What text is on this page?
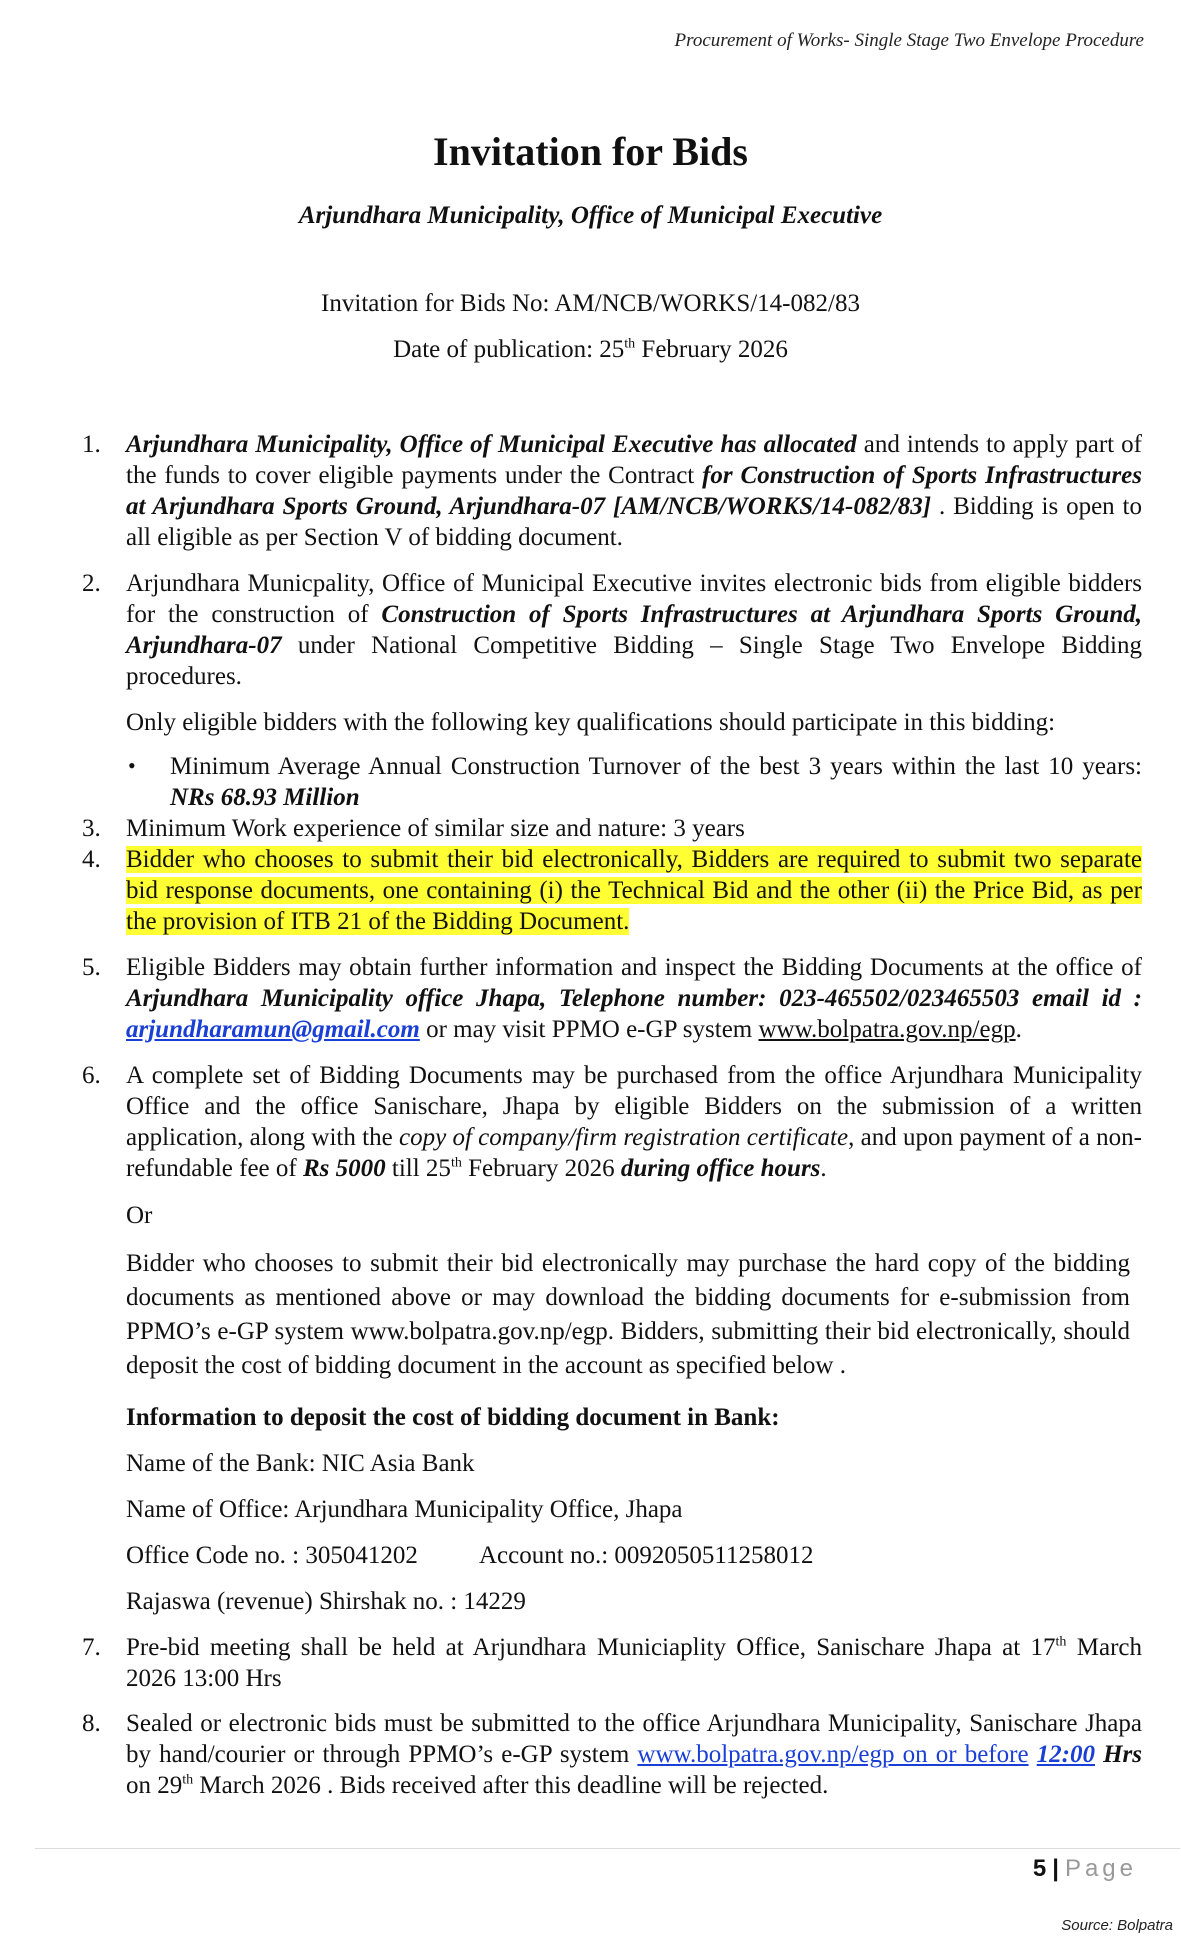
Procurement of Works- Single Stage Two Envelope Procedure
Invitation for Bids
Arjundhara Municipality, Office of Municipal Executive
Invitation for Bids No: AM/NCB/WORKS/14-082/83
Date of publication: 25th February 2026
1. Arjundhara Municipality, Office of Municipal Executive has allocated and intends to apply part of the funds to cover eligible payments under the Contract for Construction of Sports Infrastructures at Arjundhara Sports Ground, Arjundhara-07 [AM/NCB/WORKS/14-082/83] . Bidding is open to all eligible as per Section V of bidding document.
2. Arjundhara Municpality, Office of Municipal Executive invites electronic bids from eligible bidders for the construction of Construction of Sports Infrastructures at Arjundhara Sports Ground, Arjundhara-07 under National Competitive Bidding – Single Stage Two Envelope Bidding procedures.
Only eligible bidders with the following key qualifications should participate in this bidding:
• Minimum Average Annual Construction Turnover of the best 3 years within the last 10 years: NRs 68.93 Million
3. Minimum Work experience of similar size and nature: 3 years
4. Bidder who chooses to submit their bid electronically, Bidders are required to submit two separate bid response documents, one containing (i) the Technical Bid and the other (ii) the Price Bid, as per the provision of ITB 21 of the Bidding Document.
5. Eligible Bidders may obtain further information and inspect the Bidding Documents at the office of Arjundhara Municipality office Jhapa, Telephone number: 023-465502/023465503 email id : arjundharamun@gmail.com or may visit PPMO e-GP system www.bolpatra.gov.np/egp.
6. A complete set of Bidding Documents may be purchased from the office Arjundhara Municipality Office and the office Sanischare, Jhapa by eligible Bidders on the submission of a written application, along with the copy of company/firm registration certificate, and upon payment of a non-refundable fee of Rs 5000 till 25th February 2026 during office hours.
Or
Bidder who chooses to submit their bid electronically may purchase the hard copy of the bidding documents as mentioned above or may download the bidding documents for e-submission from PPMO’s e-GP system www.bolpatra.gov.np/egp. Bidders, submitting their bid electronically, should deposit the cost of bidding document in the account as specified below .
Information to deposit the cost of bidding document in Bank:
Name of the Bank: NIC Asia Bank
Name of Office: Arjundhara Municipality Office, Jhapa
Office Code no. : 305041202 Account no.: 0092050511258012
Rajaswa (revenue) Shirshak no. : 14229
7. Pre-bid meeting shall be held at Arjundhara Municiaplity Office, Sanischare Jhapa at 17th March 2026 13:00 Hrs
8. Sealed or electronic bids must be submitted to the office Arjundhara Municipality, Sanischare Jhapa by hand/courier or through PPMO’s e-GP system www.bolpatra.gov.np/egp on or before 12:00 Hrs on 29th March 2026 . Bids received after this deadline will be rejected.
5 | Page
Source: Bolpatra
